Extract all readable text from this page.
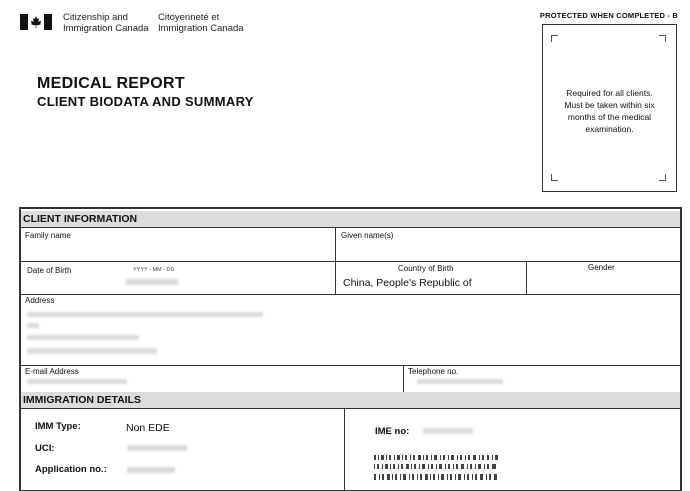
Citizenship and
Immigration Canada
Citoyenneté et
Immigration Canada
PROTECTED WHEN COMPLETED - B
MEDICAL REPORT
CLIENT BIODATA AND SUMMARY
Required for all clients.
Must be taken within six
months of the medical
examination.
CLIENT INFORMATION
Family name	Given name(s)
Date of Birth	YYYY - MM - DD	Country of Birth
China, People's Republic of
Gender
Address
E-mail Address	Telephone no.
IMMIGRATION DETAILS
IMM Type:	Non EDE
UCI:
Application no.:
IME no:
